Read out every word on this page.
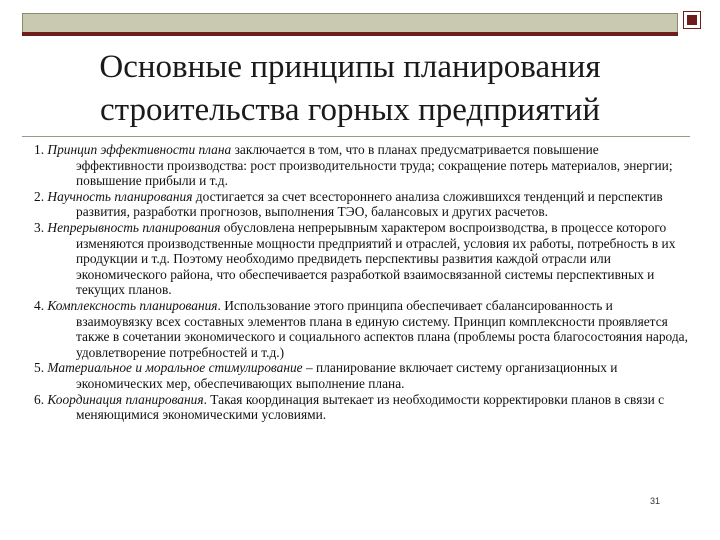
Основные принципы планирования
строительства горных предприятий

1. Принцип эффективности плана заключается в том, что в планах предусматривается повышение эффективности производства: рост производительности труда; сокращение потерь материалов, энергии; повышение прибыли и т.д.

2. Научность планирования достигается за счет всестороннего анализа сложившихся тенденций и перспектив развития, разработки прогнозов, выполнения ТЭО, балансовых и других расчетов.

3. Непрерывность планирования обусловлена непрерывным характером воспроизводства, в процессе которого изменяются производственные мощности предприятий и отраслей, условия их работы, потребность в их продукции и т.д. Поэтому необходимо предвидеть перспективы развития каждой отрасли или экономического района, что обеспечивается разработкой взаимосвязанной системы перспективных и текущих планов.

4. Комплексность планирования. Использование этого принципа обеспечивает сбалансированность и взаимоувязку всех составных элементов плана в единую систему. Принцип комплексности проявляется также в сочетании экономического и социального аспектов плана (проблемы роста благосостояния народа, удовлетворение потребностей и т.д.)

5. Материальное и моральное стимулирование – планирование включает систему организационных и экономических мер, обеспечивающих выполнение плана.

6. Координация планирования. Такая координация вытекает из необходимости корректировки планов в связи с меняющимися экономическими условиями.

31
